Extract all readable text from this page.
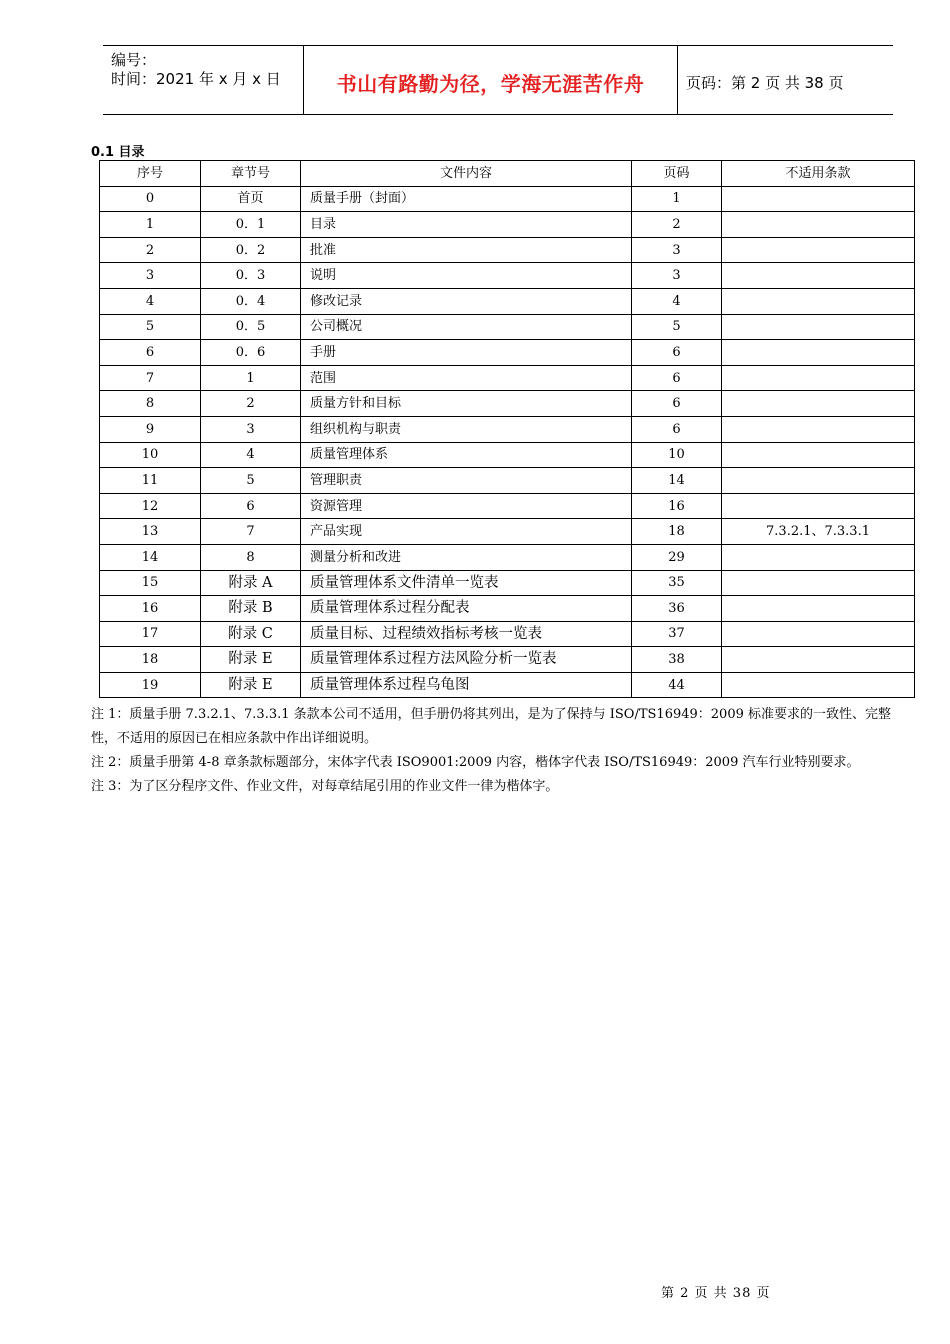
编号：
时间：2021 年 x 月 x 日	书山有路勤为径，学海无涯苦作舟	页码：第 2 页 共 38 页
0.1 目录
序号	章节号	文件内容	页码	不适用条款
0	首页	质量手册（封面）	1	
1	0．1	目录	2	
2	0．2	批准	3	
3	0．3	说明	3	
4	0．4	修改记录	4	
5	0．5	公司概况	5	
6	0．6	手册	6	
7	1	范围	6	
8	2	质量方针和目标	6	
9	3	组织机构与职责	6	
10	4	质量管理体系	10	
11	5	管理职责	14	
12	6	资源管理	16	
13	7	产品实现	18	7.3.2.1、7.3.3.1
14	8	测量分析和改进	29	
15	附录 A	质量管理体系文件清单一览表	35	
16	附录 B	质量管理体系过程分配表	36	
17	附录 C	质量目标、过程绩效指标考核一览表	37	
18	附录 E	质量管理体系过程方法风险分析一览表	38	
19	附录 E	质量管理体系过程乌龟图	44	

注 1：质量手册 7.3.2.1、7.3.3.1 条款本公司不适用，但手册仍将其列出，是为了保持与 ISO/TS16949：2009 标准要求的一致性、完整性，不适用的原因已在相应条款中作出详细说明。

注 2：质量手册第 4-8 章条款标题部分，宋体字代表 ISO9001:2009 内容，楷体字代表 ISO/TS16949：2009 汽车行业特别要求。

注 3：为了区分程序文件、作业文件，对每章结尾引用的作业文件一律为楷体字。

第 2 页 共 38 页
